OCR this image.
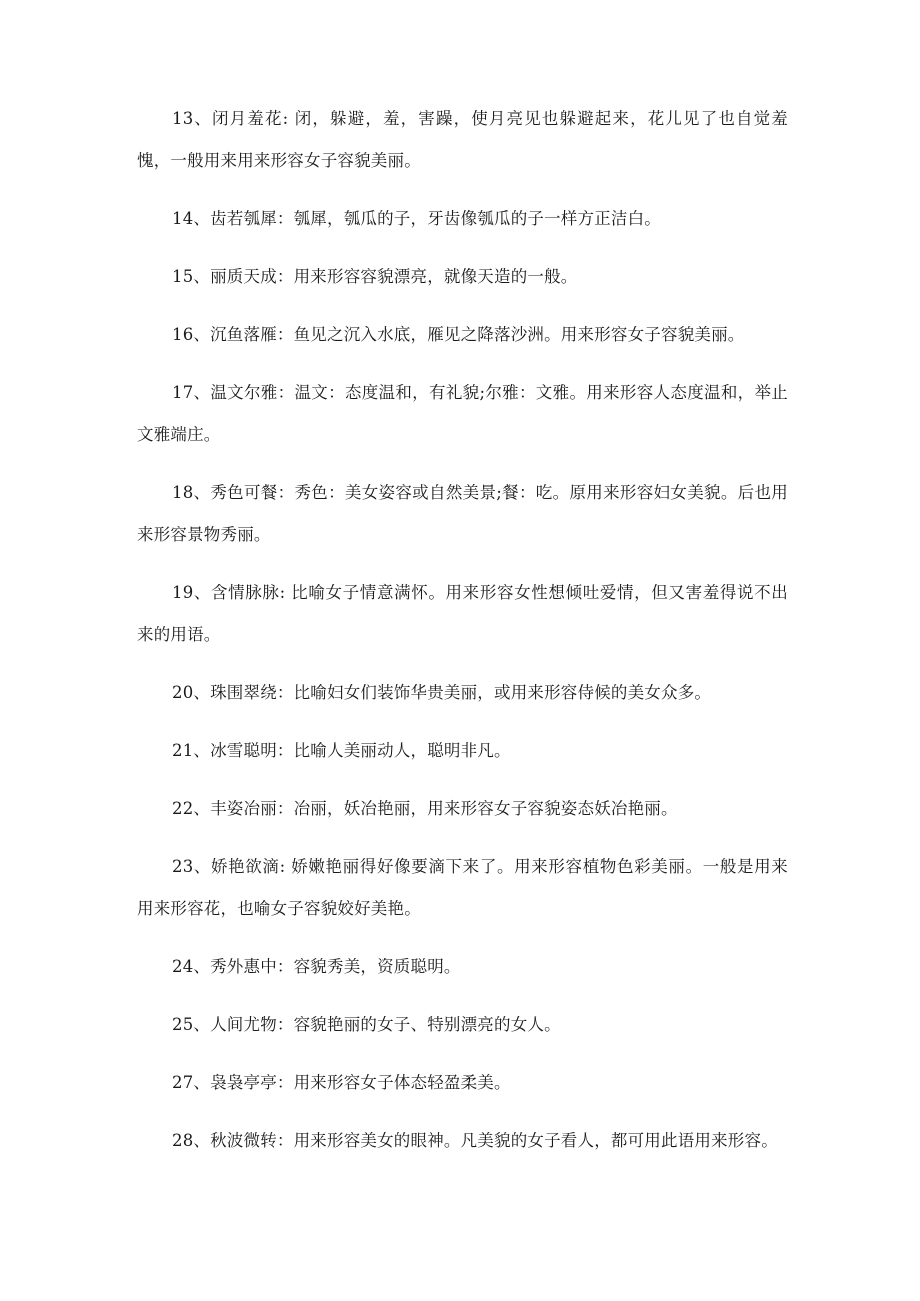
13、闭月羞花: 闭，躲避，羞，害躁，使月亮见也躲避起来，花儿见了也自觉羞愧，一般用来用来形容女子容貌美丽。

14、齿若瓠犀：瓠犀，瓠瓜的子，牙齿像瓠瓜的子一样方正洁白。

15、丽质天成：用来形容容貌漂亮，就像天造的一般。

16、沉鱼落雁：鱼见之沉入水底，雁见之降落沙洲。用来形容女子容貌美丽。

17、温文尔雅：温文：态度温和，有礼貌;尔雅：文雅。用来形容人态度温和，举止文雅端庄。

18、秀色可餐：秀色：美女姿容或自然美景;餐：吃。原用来形容妇女美貌。后也用来形容景物秀丽。

19、含情脉脉: 比喻女子情意满怀。用来形容女性想倾吐爱情，但又害羞得说不出来的用语。

20、珠围翠绕：比喻妇女们装饰华贵美丽，或用来形容侍候的美女众多。

21、冰雪聪明：比喻人美丽动人，聪明非凡。

22、丰姿冶丽：冶丽，妖冶艳丽，用来形容女子容貌姿态妖冶艳丽。

23、娇艳欲滴: 娇嫩艳丽得好像要滴下来了。用来形容植物色彩美丽。一般是用来用来形容花，也喻女子容貌姣好美艳。

24、秀外惠中：容貌秀美，资质聪明。

25、人间尤物：容貌艳丽的女子、特别漂亮的女人。

27、袅袅亭亭：用来形容女子体态轻盈柔美。

28、秋波微转：用来形容美女的眼神。凡美貌的女子看人，都可用此语用来形容。
